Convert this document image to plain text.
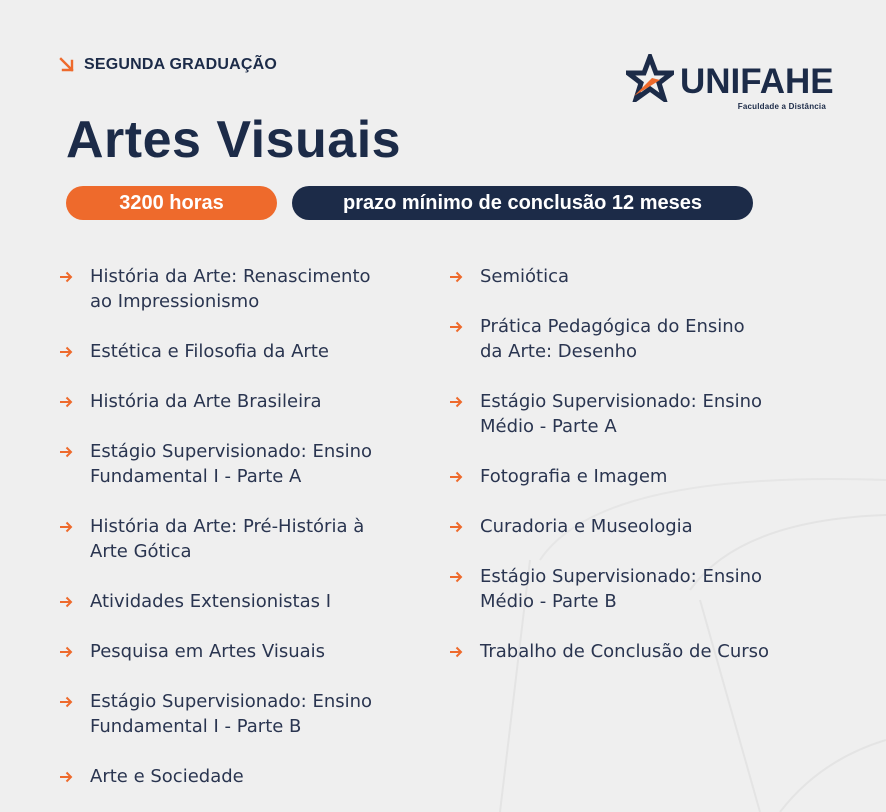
SEGUNDA GRADUAÇÃO	UNIFAHE
Faculdade a Distância
Artes Visuais
3200 horas	prazo mínimo de conclusão 12 meses
História da Arte: Renascimento
ao Impressionismo
Estética e Filosofia da Arte
História da Arte Brasileira
Estágio Supervisionado: Ensino
Fundamental I - Parte A
História da Arte: Pré-História à
Arte Gótica
Atividades Extensionistas I
Pesquisa em Artes Visuais
Estágio Supervisionado: Ensino
Fundamental I - Parte B
Arte e Sociedade
Semiótica
Prática Pedagógica do Ensino
da Arte: Desenho
Estágio Supervisionado: Ensino
Médio - Parte A
Fotografia e Imagem
Curadoria e Museologia
Estágio Supervisionado: Ensino
Médio - Parte B
Trabalho de Conclusão de Curso
